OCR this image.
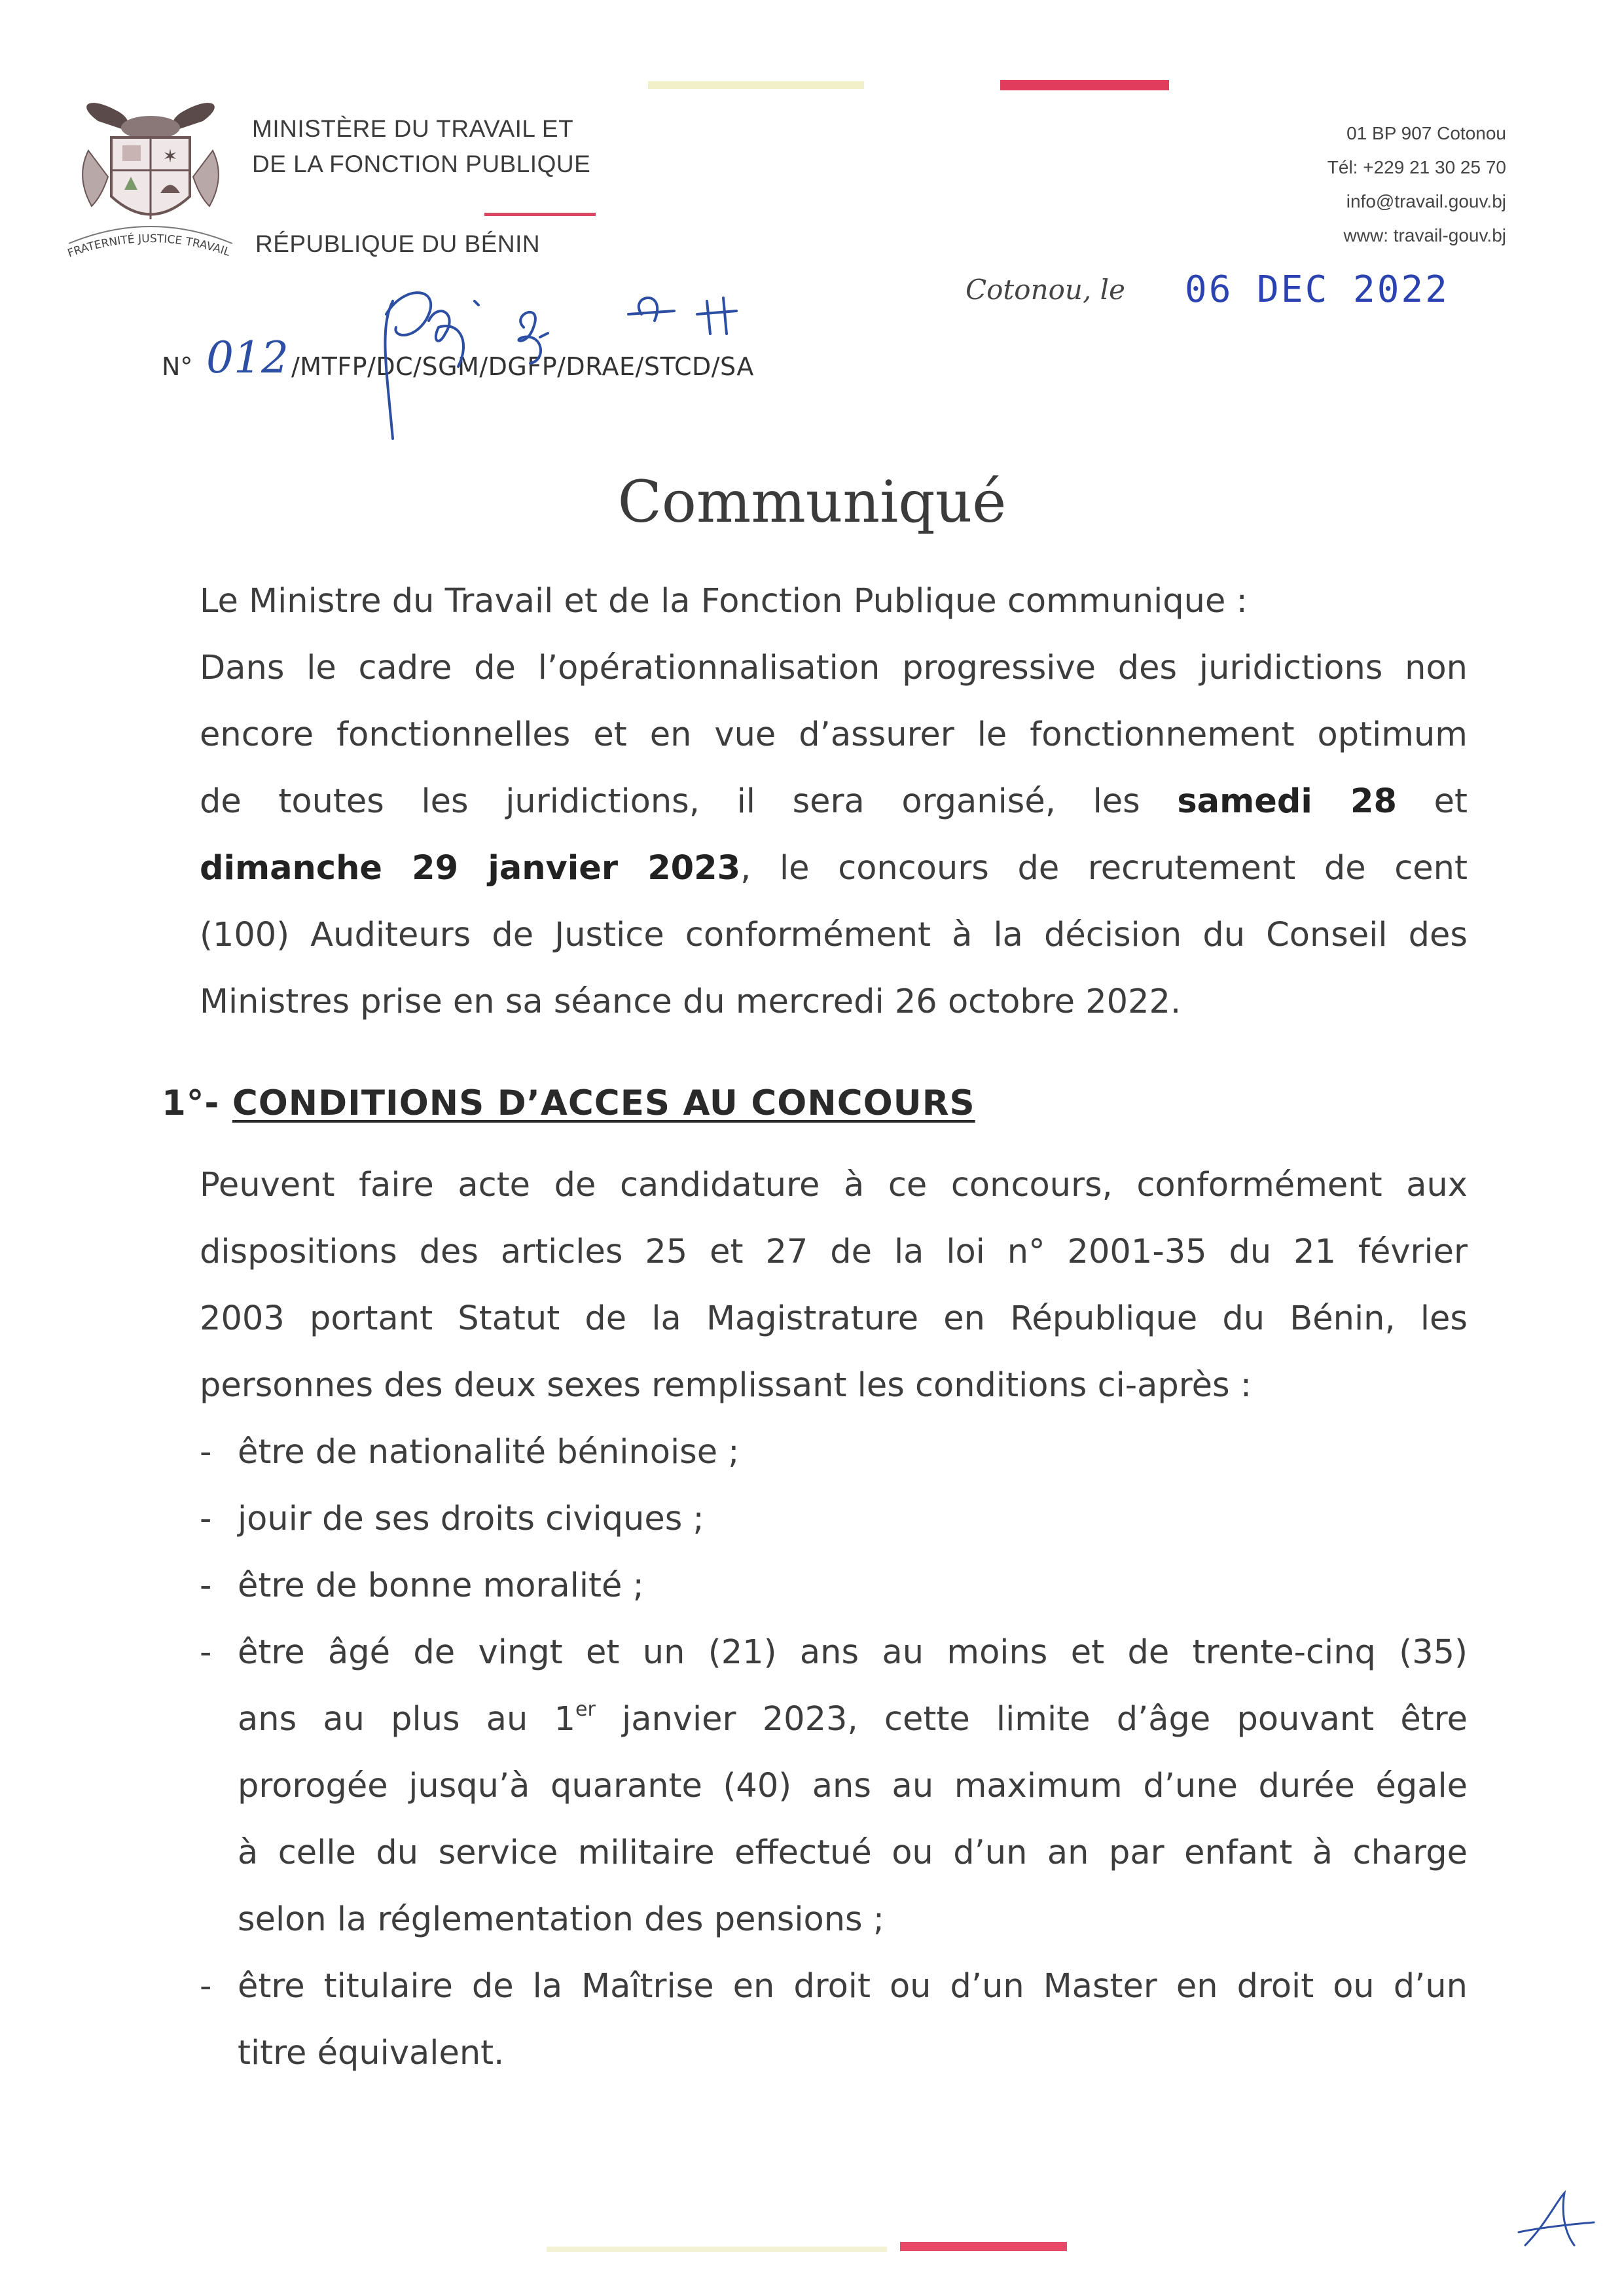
✶
FRATERNITÉ JUSTICE TRAVAIL
MINISTÈRE DU TRAVAIL ET
DE LA FONCTION PUBLIQUE
RÉPUBLIQUE DU BÉNIN
01 BP 907 Cotonou
Tél: +229 21 30 25 70
info@travail.gouv.bj
www: travail-gouv.bj
Cotonou, le 06 DEC 2022
N° 012 /MTFP/DC/SGM/DGFP/DRAE/STCD/SA
Communiqué
Le Ministre du Travail et de la Fonction Publique communique :
Dans le cadre de l’opérationnalisation progressive des juridictions non
encore fonctionnelles et en vue d’assurer le fonctionnement optimum
de toutes les juridictions, il sera organisé, les samedi 28 et
dimanche 29 janvier 2023, le concours de recrutement de cent
(100) Auditeurs de Justice conformément à la décision du Conseil des
Ministres prise en sa séance du mercredi 26 octobre 2022.
1°- CONDITIONS D’ACCES AU CONCOURS
Peuvent faire acte de candidature à ce concours, conformément aux
dispositions des articles 25 et 27 de la loi n° 2001-35 du 21 février
2003 portant Statut de la Magistrature en République du Bénin, les
personnes des deux sexes remplissant les conditions ci-après :
- être de nationalité béninoise ;
- jouir de ses droits civiques ;
- être de bonne moralité ;
- être âgé de vingt et un (21) ans au moins et de trente-cinq (35)
ans au plus au 1er janvier 2023, cette limite d’âge pouvant être
prorogée jusqu’à quarante (40) ans au maximum d’une durée égale
à celle du service militaire effectué ou d’un an par enfant à charge
selon la réglementation des pensions ;
- être titulaire de la Maîtrise en droit ou d’un Master en droit ou d’un
titre équivalent.
